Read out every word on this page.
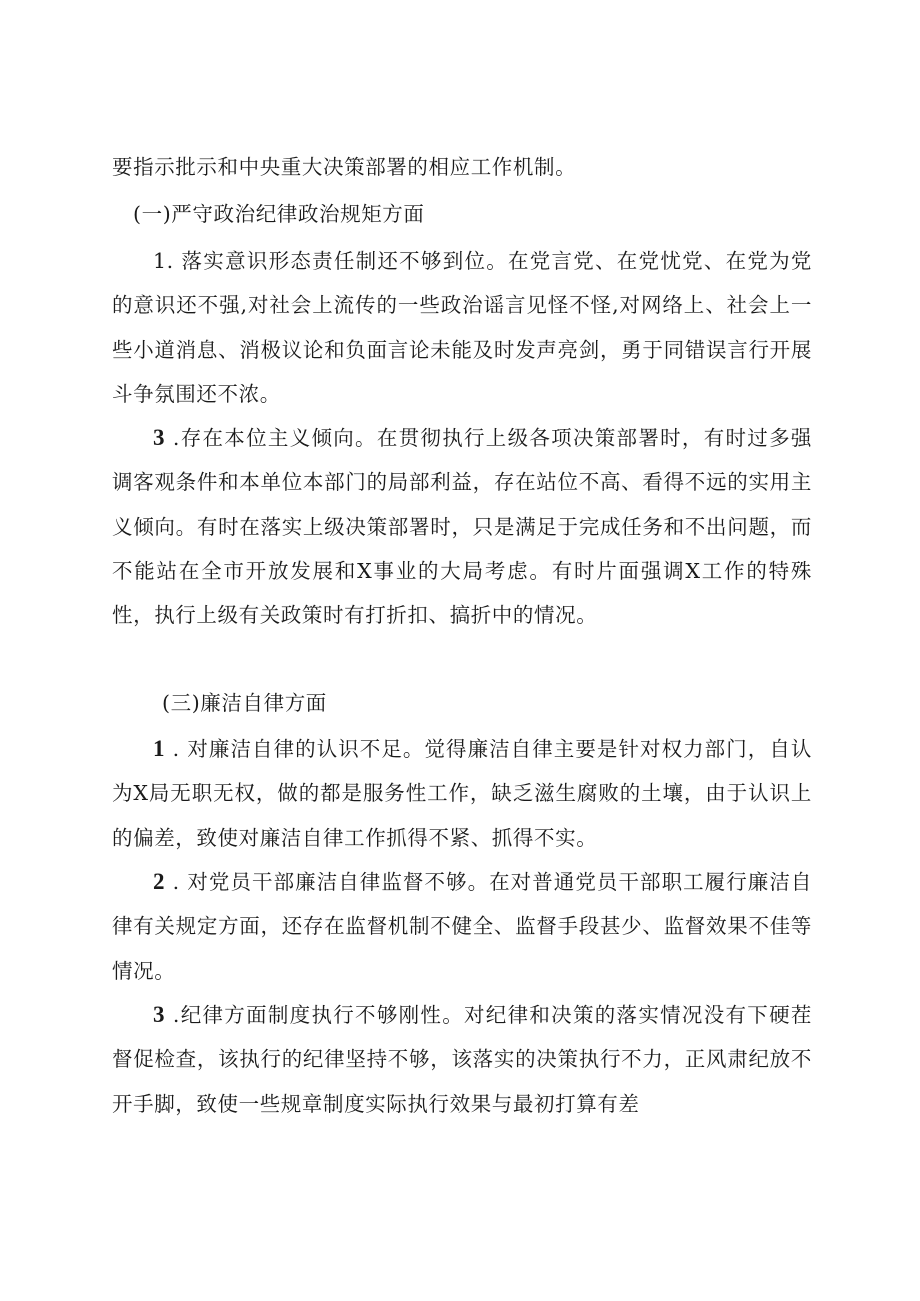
要指示批示和中央重大决策部署的相应工作机制。

(一)严守政治纪律政治规矩方面

1. 落实意识形态责任制还不够到位。在党言党、在党忧党、在党为党的意识还不强,对社会上流传的一些政治谣言见怪不怪,对网络上、社会上一些小道消息、消极议论和负面言论未能及时发声亮剑，勇于同错误言行开展斗争氛围还不浓。

3 .存在本位主义倾向。在贯彻执行上级各项决策部署时，有时过多强调客观条件和本单位本部门的局部利益，存在站位不高、看得不远的实用主义倾向。有时在落实上级决策部署时，只是满足于完成任务和不出问题，而不能站在全市开放发展和X事业的大局考虑。有时片面强调X工作的特殊性，执行上级有关政策时有打折扣、搞折中的情况。

(三)廉洁自律方面

1 . 对廉洁自律的认识不足。觉得廉洁自律主要是针对权力部门，自认为X局无职无权，做的都是服务性工作，缺乏滋生腐败的土壤，由于认识上的偏差，致使对廉洁自律工作抓得不紧、抓得不实。

2 . 对党员干部廉洁自律监督不够。在对普通党员干部职工履行廉洁自律有关规定方面，还存在监督机制不健全、监督手段甚少、监督效果不佳等情况。

3 .纪律方面制度执行不够刚性。对纪律和决策的落实情况没有下硬茬督促检查，该执行的纪律坚持不够，该落实的决策执行不力，正风肃纪放不开手脚，致使一些规章制度实际执行效果与最初打算有差
